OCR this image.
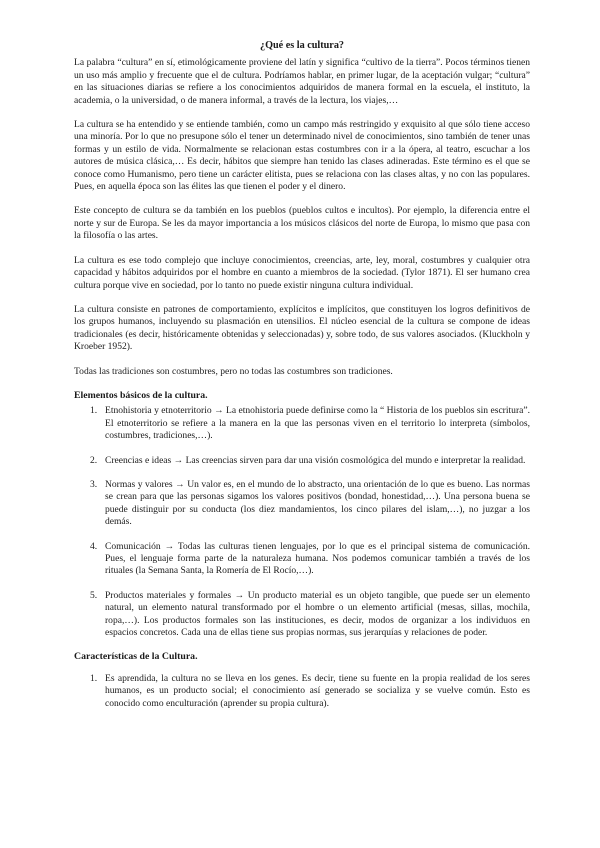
¿Qué es la cultura?

La palabra “cultura” en sí, etimológicamente proviene del latín y significa “cultivo de la tierra”. Pocos términos tienen un uso más amplio y frecuente que el de cultura. Podríamos hablar, en primer lugar, de la aceptación vulgar; “cultura” en las situaciones diarias se refiere a los conocimientos adquiridos de manera formal en la escuela, el instituto, la academia, o la universidad, o de manera informal, a través de la lectura, los viajes,…

La cultura se ha entendido y se entiende también, como un campo más restringido y exquisito al que sólo tiene acceso una minoría. Por lo que no presupone sólo el tener un determinado nivel de conocimientos, sino también de tener unas formas y un estilo de vida. Normalmente se relacionan estas costumbres con ir a la ópera, al teatro, escuchar a los autores de música clásica,… Es decir, hábitos que siempre han tenido las clases adineradas. Este término es el que se conoce como Humanismo, pero tiene un carácter elitista, pues se relaciona con las clases altas, y no con las populares. Pues, en aquella época son las élites las que tienen el poder y el dinero.

Este concepto de cultura se da también en los pueblos (pueblos cultos e incultos). Por ejemplo, la diferencia entre el norte y sur de Europa. Se les da mayor importancia a los músicos clásicos del norte de Europa, lo mismo que pasa con la filosofía o las artes.

La cultura es ese todo complejo que incluye conocimientos, creencias, arte, ley, moral, costumbres y cualquier otra capacidad y hábitos adquiridos por el hombre en cuanto a miembros de la sociedad. (Tylor 1871). El ser humano crea cultura porque vive en sociedad, por lo tanto no puede existir ninguna cultura individual.

La cultura consiste en patrones de comportamiento, explícitos e implícitos, que constituyen los logros definitivos de los grupos humanos, incluyendo su plasmación en utensilios. El núcleo esencial de la cultura se compone de ideas tradicionales (es decir, históricamente obtenidas y seleccionadas) y, sobre todo, de sus valores asociados. (Kluckholn y Kroeber 1952).

Todas las tradiciones son costumbres, pero no todas las costumbres son tradiciones.

Elementos básicos de la cultura.
1. Etnohistoria y etnoterritorio → La etnohistoria puede definirse como la “ Historia de los pueblos sin escritura”. El etnoterritorio se refiere a la manera en la que las personas viven en el territorio lo interpreta (símbolos, costumbres, tradiciones,…).
2. Creencias e ideas → Las creencias sirven para dar una visión cosmológica del mundo e interpretar la realidad.
3. Normas y valores → Un valor es, en el mundo de lo abstracto, una orientación de lo que es bueno. Las normas se crean para que las personas sigamos los valores positivos (bondad, honestidad,…). Una persona buena se puede distinguir por su conducta (los diez mandamientos, los cinco pilares del islam,…), no juzgar a los demás.
4. Comunicación → Todas las culturas tienen lenguajes, por lo que es el principal sistema de comunicación. Pues, el lenguaje forma parte de la naturaleza humana. Nos podemos comunicar también a través de los rituales (la Semana Santa, la Romería de El Rocío,…).
5. Productos materiales y formales → Un producto material es un objeto tangible, que puede ser un elemento natural, un elemento natural transformado por el hombre o un elemento artificial (mesas, sillas, mochila, ropa,…). Los productos formales son las instituciones, es decir, modos de organizar a los individuos en espacios concretos. Cada una de ellas tiene sus propias normas, sus jerarquías y relaciones de poder.
Características de la Cultura.
1. Es aprendida, la cultura no se lleva en los genes. Es decir, tiene su fuente en la propia realidad de los seres humanos, es un producto social; el conocimiento así generado se socializa y se vuelve común. Esto es conocido como enculturación (aprender su propia cultura).
